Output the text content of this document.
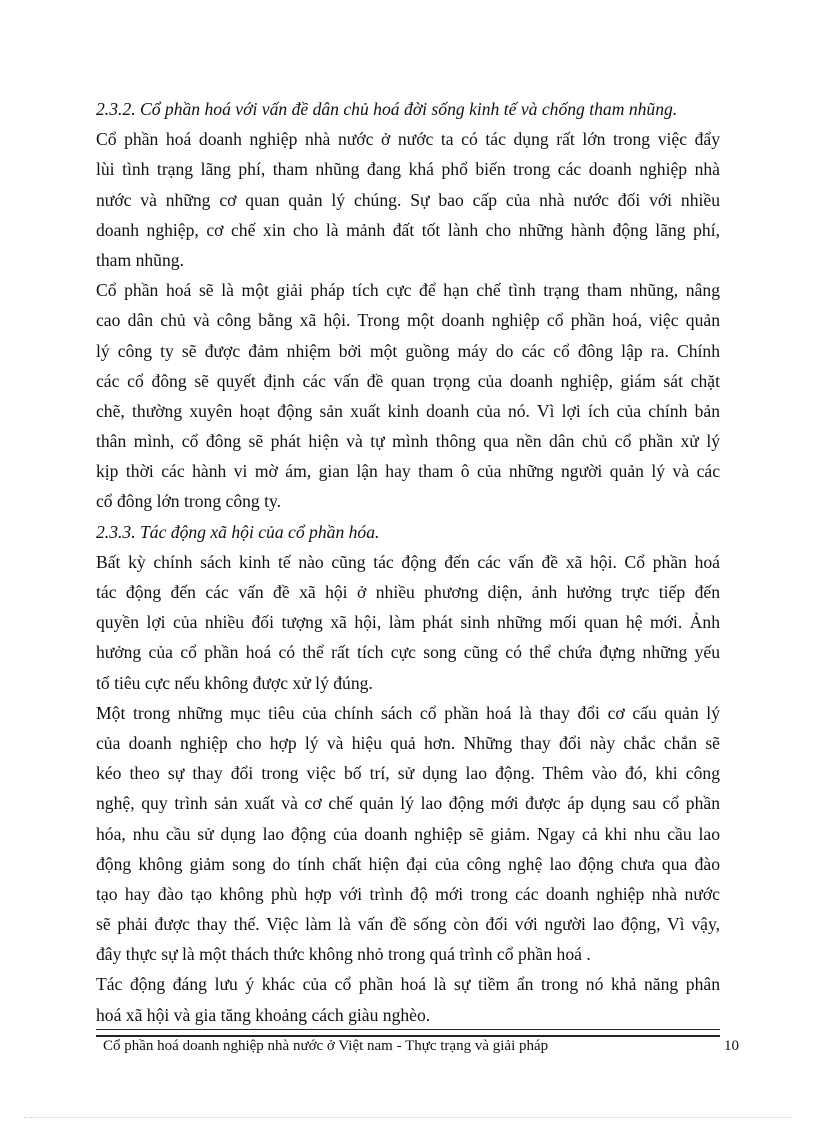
2.3.2. Cổ phần hoá với vấn đề dân chủ hoá đời sống kinh tế và chống tham nhũng.
Cổ phần hoá doanh nghiệp nhà nước ở nước ta có tác dụng rất lớn trong việc đẩy
lùi tình trạng lãng phí, tham nhũng đang khá phổ biến trong các doanh nghiệp nhà
nước và những cơ quan quản lý chúng. Sự bao cấp của nhà nước đối với nhiều
doanh nghiệp, cơ chế xin cho là mảnh đất tốt lành cho những hành động lãng phí,
tham nhũng.
Cổ phần hoá sẽ là một giải pháp tích cực để hạn chế tình trạng tham nhũng, nâng
cao dân chủ và công bằng xã hội. Trong một doanh nghiệp cổ phần hoá, việc quản
lý công ty sẽ được đảm nhiệm bởi một guồng máy do các cổ đông lập ra. Chính
các cổ đông sẽ quyết định các vấn đề quan trọng của doanh nghiệp, giám sát chặt
chẽ, thường xuyên hoạt động sản xuất kinh doanh của nó. Vì lợi ích của chính bản
thân mình, cổ đông sẽ phát hiện và tự mình thông qua nền dân chủ cổ phần xử lý
kịp thời các hành vi mờ ám, gian lận hay tham ô của những người quản lý và các
cổ đông lớn trong công ty.
2.3.3. Tác động xã hội của cổ phần hóa.
Bất kỳ chính sách kinh tế nào cũng tác động đến các vấn đề xã hội. Cổ phần hoá
tác động đến các vấn đề xã hội ở nhiều phương diện, ảnh hưởng trực tiếp đến
quyền lợi của nhiều đối tượng xã hội, làm phát sinh những mối quan hệ mới. Ảnh
hưởng của cổ phần hoá có thể rất tích cực song cũng có thể chứa đựng những yếu
tố tiêu cực nếu không được xử lý đúng.
Một trong những mục tiêu của chính sách cổ phần hoá là thay đổi cơ cấu quản lý
của doanh nghiệp cho hợp lý và hiệu quả hơn. Những thay đổi này chắc chắn sẽ
kéo theo sự thay đổi trong việc bố trí, sử dụng lao động. Thêm vào đó, khi công
nghệ, quy trình sản xuất và cơ chế quản lý lao động mới được áp dụng sau cổ phần
hóa, nhu cầu sử dụng lao động của doanh nghiệp sẽ giảm. Ngay cả khi nhu cầu lao
động không giảm song do tính chất hiện đại của công nghệ lao động chưa qua đào
tạo hay đào tạo không phù hợp với trình độ mới trong các doanh nghiệp nhà nước
sẽ phải được thay thế. Việc làm là vấn đề sống còn đối với người lao động, Vì vậy,
đây thực sự là một thách thức không nhỏ trong quá trình cổ phần hoá .
Tác động đáng lưu ý khác của cổ phần hoá là sự tiềm ẩn trong nó khả năng phân
hoá xã hội và gia tăng khoảng cách giàu nghèo.
Cổ phần hoá doanh nghiệp nhà nước ở Việt nam - Thực trạng và giải pháp	10
